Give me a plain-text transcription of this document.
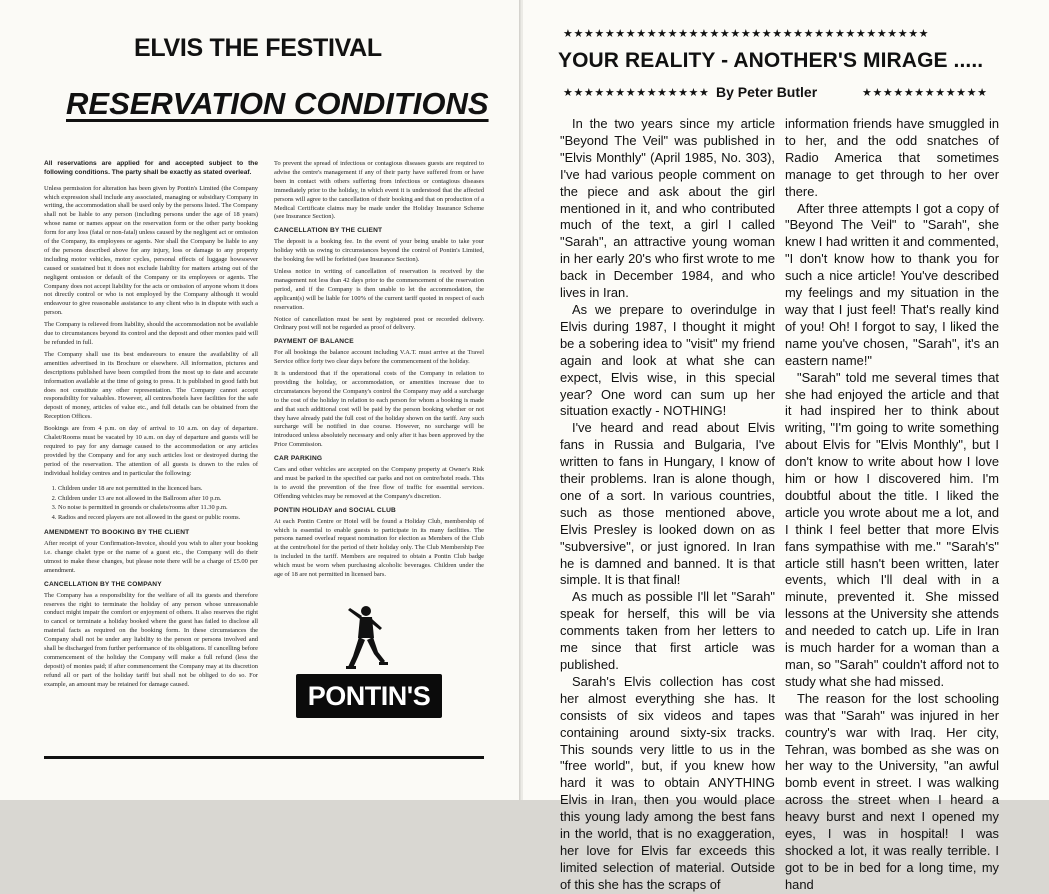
ELVIS THE FESTIVAL
RESERVATION CONDITIONS

All reservations are applied for and accepted subject to the following conditions. The party shall be exactly as stated overleaf.

Unless permission for alteration has been given by Pontin's Limited (the Company which expression shall include any associated, managing or subsidiary Company in writing, the accommodation shall be used only by the persons listed. The Company shall not be liable to any person (including persons under the age of 18 years) whose name or names appear on the reservation form or the other party booking form for any loss (fatal or non-fatal) unless caused by the negligent act or omission of the Company, its employees or agents. Nor shall the Company be liable to any of the persons described above for any injury, loss or damage to any property including motor vehicles, motor cycles, personal effects of luggage howsoever caused or sustained but it does not exclude liability for matters arising out of the negligent omission or default of the Company or its employees or agents. The Company does not accept liability for the acts or omission of anyone whom it does not directly control or who is not employed by the Company although it would endeavour to give reasonable assistance to any client who is in dispute with such a person.

The Company is relieved from liability, should the accommodation not be available due to circumstances beyond its control and the deposit and other monies paid will be refunded in full.

The Company shall use its best endeavours to ensure the availability of all amenities advertised in its Brochure or elsewhere. All information, pictures and descriptions published have been compiled from the most up to date and accurate information available at the time of going to press. It is published in good faith but does not constitute any other representation. The Company cannot accept responsibility for valuables. However, all centres/hotels have facilities for the safe deposit of money, articles of value etc., and full details can be obtained from the Reception Offices.

Bookings are from 4 p.m. on day of arrival to 10 a.m. on day of departure. Chalet/Rooms must be vacated by 10 a.m. on day of departure and guests will be required to pay for any damage caused to the accommodation or any articles provided by the Company and for any such articles lost or destroyed during the period of the reservation. The attention of all guests is drawn to the rules of individual holiday centres and in particular the following:

1. Children under 18 are not permitted in the licenced bars.
2. Children under 13 are not allowed in the Ballroom after 10 p.m.
3. No noise is permitted in grounds or chalets/rooms after 11.30 p.m.
4. Radios and record players are not allowed in the guest or public rooms.
AMENDMENT TO BOOKING BY THE CLIENT

After receipt of your Confirmation-Invoice, should you wish to alter your booking i.e. change chalet type or the name of a guest etc., the Company will do their utmost to make these changes, but please note there will be a charge of £5.00 per amendment.

CANCELLATION BY THE COMPANY

The Company has a responsibility for the welfare of all its guests and therefore reserves the right to terminate the holiday of any person whose unreasonable conduct might impair the comfort or enjoyment of others. It also reserves the right to cancel or terminate a holiday booked where the guest has failed to disclose all material facts as required on the booking form. In these circumstances the Company shall not be under any liability to the person or persons involved and shall be discharged from further performance of its obligations. If cancelling before commencement of the holiday the Company will make a full refund (less the deposit) of monies paid; if after commencement the Company may at its discretion refund all or part of the holiday tariff but shall not be obliged to do so. For example, an amount may be retained for damage caused.

To prevent the spread of infectious or contagious diseases guests are required to advise the centre's management if any of their party have suffered from or have been in contact with others suffering from infectious or contagious diseases immediately prior to the holiday, in which event it is understood that the affected persons will agree to the cancellation of their booking and that on production of a Medical Certificate claims may be made under the Holiday Insurance Scheme (see Insurance Section).

CANCELLATION BY THE CLIENT

The deposit is a booking fee. In the event of your being unable to take your holiday with us owing to circumstances beyond the control of Pontin's Limited, the booking fee will be forfeited (see Insurance Section).

Unless notice in writing of cancellation of reservation is received by the management not less than 42 days prior to the commencement of the reservation period, and if the Company is then unable to let the accommodation, the applicant(s) will be liable for 100% of the current tariff quoted in respect of each reservation.

Notice of cancellation must be sent by registered post or recorded delivery. Ordinary post will not be regarded as proof of delivery.

PAYMENT OF BALANCE

For all bookings the balance account including V.A.T. must arrive at the Travel Service office forty two clear days before the commencement of the holiday.

It is understood that if the operational costs of the Company in relation to providing the holiday, or accommodation, or amenities increase due to circumstances beyond the Company's control the Company may add a surcharge to the cost of the holiday in relation to each person for whom a booking is made and that such additional cost will be paid by the person booking whether or not they have already paid the full cost of the holiday shown on the tariff. Any such surcharge will be notified in due course. However, no surcharge will be introduced unless absolutely necessary and only after it has been approved by the Price Commission.

CAR PARKING

Cars and other vehicles are accepted on the Company property at Owner's Risk and must be parked in the specified car parks and not on centre/hotel roads. This is to avoid the prevention of the free flow of traffic for essential services. Offending vehicles may be removed at the Company's discretion.

PONTIN HOLIDAY and SOCIAL CLUB

At each Pontin Centre or Hotel will be found a Holiday Club, membership of which is essential to enable guests to participate in its many facilities. The persons named overleaf request nomination for election as Members of the Club at the centre/hotel for the period of their holiday only. The Club Membership Fee is included in the tariff. Members are required to obtain a Pontin Club badge which must be worn when purchasing alcoholic beverages. Children under the age of 18 are not permitted in licensed bars.

PONTIN'S
★★★★★★★★★★★★★★★★★★★★★★★★★★★★★★★★★★★
YOUR REALITY - ANOTHER'S MIRAGE .....
★★★★★★★★★★★★★★ By Peter Butler	★★★★★★★★★★★★

In the two years since my article "Beyond The Veil" was published in "Elvis Monthly" (April 1985, No. 303), I've had various people comment on the piece and ask about the girl mentioned in it, and who contributed much of the text, a girl I called "Sarah", an attractive young woman in her early 20's who first wrote to me back in December 1984, and who lives in Iran.

As we prepare to overindulge in Elvis during 1987, I thought it might be a sobering idea to "visit" my friend again and look at what she can expect, Elvis wise, in this special year? One word can sum up her situation exactly - NOTHING!

I've heard and read about Elvis fans in Russia and Bulgaria, I've written to fans in Hungary, I know of their problems. Iran is alone though, one of a sort. In various countries, such as those mentioned above, Elvis Presley is looked down on as "subversive", or just ignored. In Iran he is damned and banned. It is that simple. It is that final!

As much as possible I'll let "Sarah" speak for herself, this will be via comments taken from her letters to me since that first article was published.

Sarah's Elvis collection has cost her almost everything she has. It consists of six videos and tapes containing around sixty-six tracks. This sounds very little to us in the "free world", but, if you knew how hard it was to obtain ANYTHING Elvis in Iran, then you would place this young lady among the best fans in the world, that is no exaggeration, her love for Elvis far exceeds this limited selection of material. Outside of this she has the scraps of

information friends have smuggled in to her, and the odd snatches of Radio America that sometimes manage to get through to her over there.

After three attempts I got a copy of "Beyond The Veil" to "Sarah", she knew I had written it and commented, "I don't know how to thank you for such a nice article! You've described my feelings and my situation in the way that I just feel! That's really kind of you! Oh! I forgot to say, I liked the name you've chosen, "Sarah", it's an eastern name!"

"Sarah" told me several times that she had enjoyed the article and that it had inspired her to think about writing, "I'm going to write something about Elvis for "Elvis Monthly", but I don't know to write about how I love him or how I discovered him. I'm doubtful about the title. I liked the article you wrote about me a lot, and I think I feel better that more Elvis fans sympathise with me." "Sarah's" article still hasn't been written, later events, which I'll deal with in a minute, prevented it. She missed lessons at the University she attends and needed to catch up. Life in Iran is much harder for a woman than a man, so "Sarah" couldn't afford not to study what she had missed.

The reason for the lost schooling was that "Sarah" was injured in her country's war with Iraq. Her city, Tehran, was bombed as she was on her way to the University, "an awful bomb event in street. I was walking across the street when I heard a heavy burst and next I opened my eyes, I was in hospital! I was shocked a lot, it was really terrible. I got to be in bed for a long time, my hand
